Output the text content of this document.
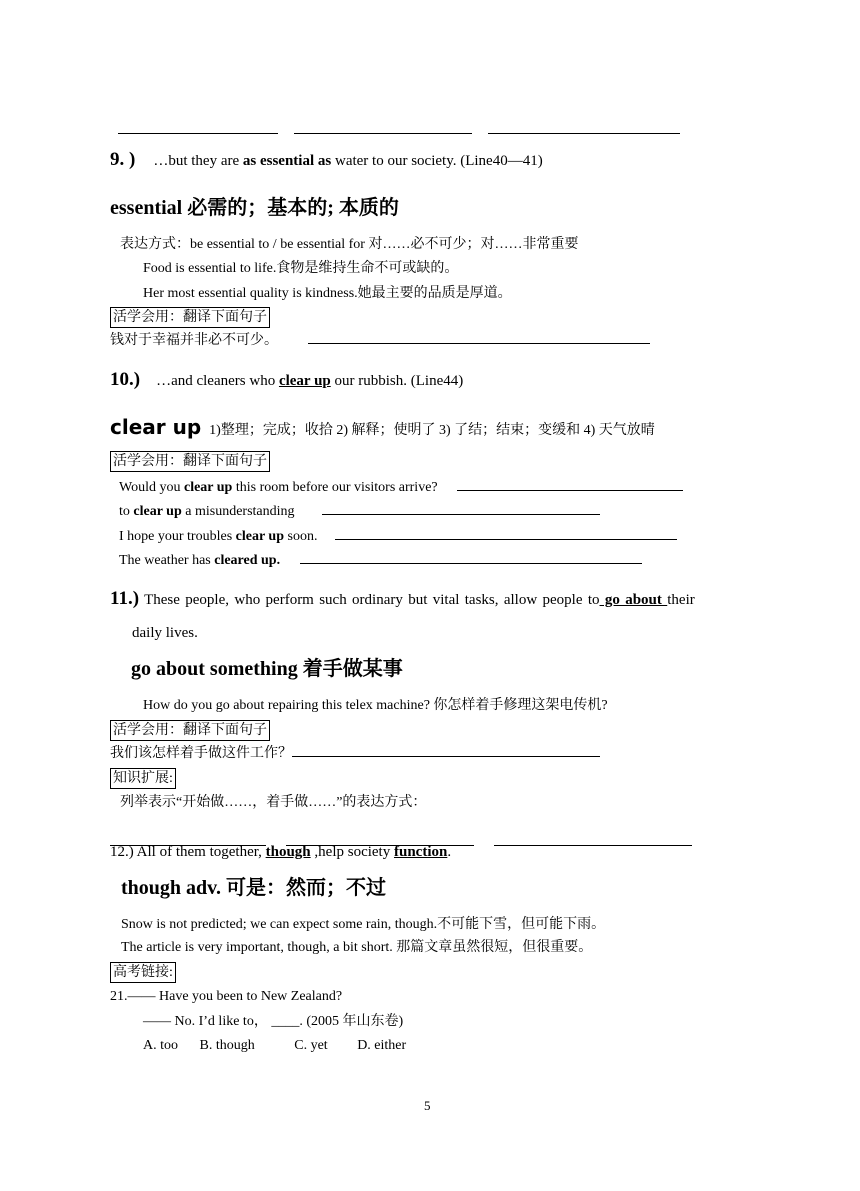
9. ) …but they are as essential as water to our society. (Line40—41)
essential 必需的；基本的; 本质的
表达方式：be essential to / be essential for 对……必不可少；对……非常重要
Food is essential to life.食物是维持生命不可或缺的。
Her most essential quality is kindness.她最主要的品质是厚道。
活学会用：翻译下面句子
钱对于幸福并非必不可少。
10.) …and cleaners who clear up our rubbish. (Line44)
clear up 1)整理；完成；收拾 2) 解释；使明了 3) 了结；结束；变缓和 4) 天气放晴
活学会用：翻译下面句子
Would you clear up this room before our visitors arrive?
to clear up a misunderstanding
I hope your troubles clear up soon.
The weather has cleared up.
11.) These people, who perform such ordinary but vital tasks, allow people to go about their
daily lives.
go about something 着手做某事
How do you go about repairing this telex machine? 你怎样着手修理这架电传机?
活学会用：翻译下面句子
我们该怎样着手做这件工作？
知识扩展:
列举表示“开始做……，着手做……”的表达方式：

12.) All of them together, though ,help society function.
though adv. 可是：然而；不过
Snow is not predicted; we can expect some rain, though.不可能下雪，但可能下雨。
The article is very important, though, a bit short. 那篇文章虽然很短，但很重要。
高考链接:
21.—— Have you been to New Zealand?
—— No. I’d like to， ____. (2005 年山东卷)
A. too B. though	C. yet D. either
5
